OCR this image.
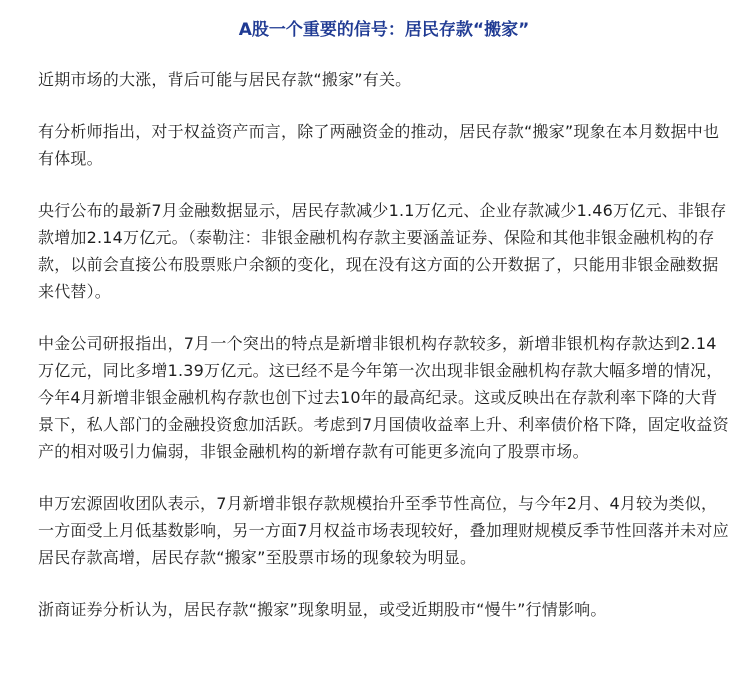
A股一个重要的信号：居民存款“搬家”

近期市场的大涨，背后可能与居民存款“搬家”有关。

有分析师指出，对于权益资产而言，除了两融资金的推动，居民存款“搬家”现象在本月数据中也有体现。

央行公布的最新7月金融数据显示，居民存款减少1.1万亿元、企业存款减少1.46万亿元、非银存款增加2.14万亿元。（泰勒注：非银金融机构存款主要涵盖证券、保险和其他非银金融机构的存款，以前会直接公布股票账户余额的变化，现在没有这方面的公开数据了，只能用非银金融数据来代替）。

中金公司研报指出，7月一个突出的特点是新增非银机构存款较多，新增非银机构存款达到2.14万亿元，同比多增1.39万亿元。这已经不是今年第一次出现非银金融机构存款大幅多增的情况，今年4月新增非银金融机构存款也创下过去10年的最高纪录。这或反映出在存款利率下降的大背景下，私人部门的金融投资愈加活跃。考虑到7月国债收益率上升、利率债价格下降，固定收益资产的相对吸引力偏弱，非银金融机构的新增存款有可能更多流向了股票市场。

申万宏源固收团队表示，7月新增非银存款规模抬升至季节性高位，与今年2月、4月较为类似，一方面受上月低基数影响，另一方面7月权益市场表现较好，叠加理财规模反季节性回落并未对应居民存款高增，居民存款“搬家”至股票市场的现象较为明显。

浙商证券分析认为，居民存款“搬家”现象明显，或受近期股市“慢牛”行情影响。
